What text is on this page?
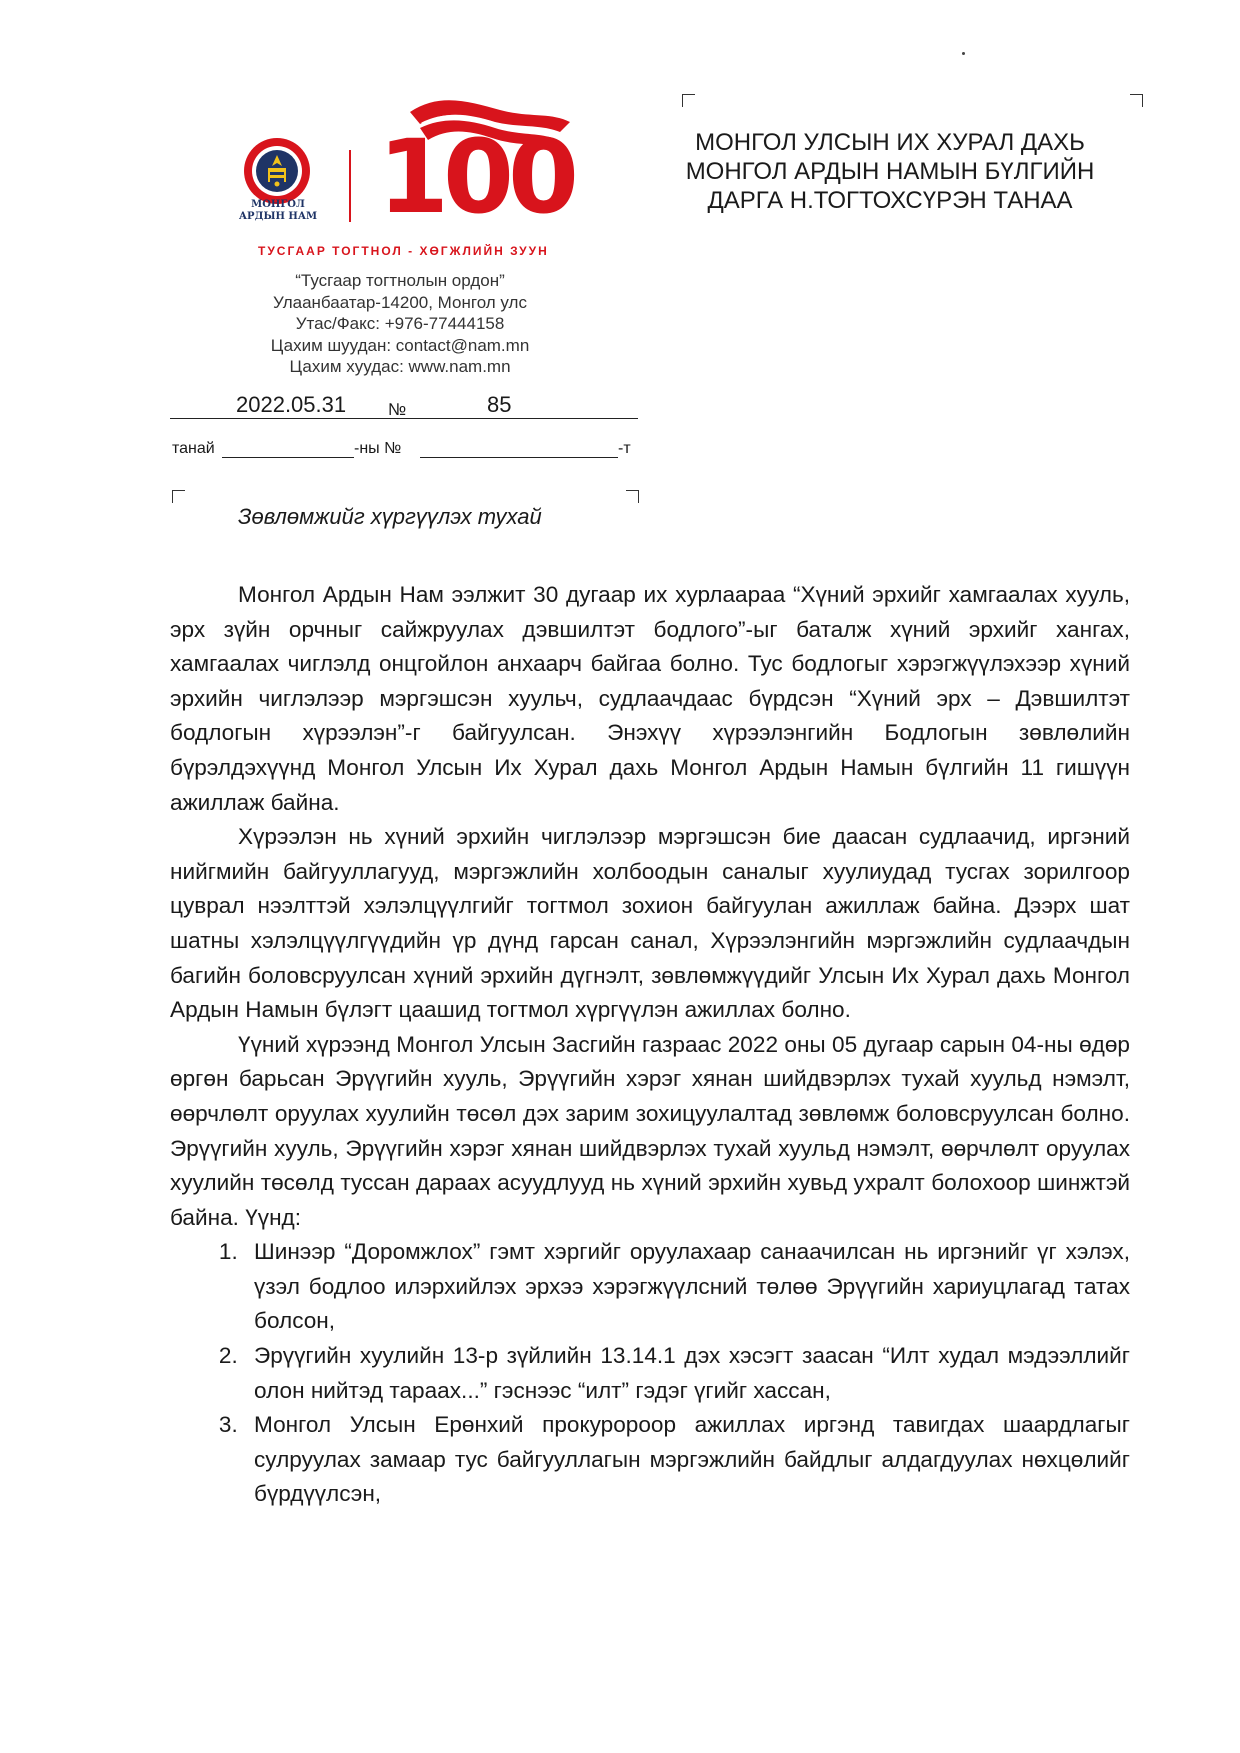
МОНГОЛ
АРДЫН НАМ 100
ТУСГААР ТОГТНОЛ - ХӨГЖЛИЙН ЗУУН
“Тусгаар тогтнолын ордон”
Улаанбаатар-14200, Монгол улс
Утас/Факс: +976-77444158
Цахим шуудан: contact@nam.mn
Цахим хуудас: www.nam.mn
2022.05.31 №	85
танай	-ны №	-т
МОНГОЛ УЛСЫН ИХ ХУРАЛ ДАХЬ
МОНГОЛ АРДЫН НАМЫН БҮЛГИЙН
ДАРГА Н.ТОГТОХСҮРЭН ТАНАА
Зөвлөмжийг хүргүүлэх тухай

Монгол Ардын Нам ээлжит 30 дугаар их хурлаараа “Хүний эрхийг хамгаалах хууль, эрх зүйн орчныг сайжруулах дэвшилтэт бодлого”-ыг баталж хүний эрхийг хангах, хамгаалах чиглэлд онцгойлон анхаарч байгаа болно. Тус бодлогыг хэрэгжүүлэхээр хүний эрхийн чиглэлээр мэргэшсэн хуульч, судлаачдаас бүрдсэн “Хүний эрх – Дэвшилтэт бодлогын хүрээлэн”-г байгуулсан. Энэхүү хүрээлэнгийн Бодлогын зөвлөлийн бүрэлдэхүүнд Монгол Улсын Их Хурал дахь Монгол Ардын Намын бүлгийн 11 гишүүн ажиллаж байна.

Хүрээлэн нь хүний эрхийн чиглэлээр мэргэшсэн бие даасан судлаачид, иргэний нийгмийн байгууллагууд, мэргэжлийн холбоодын саналыг хуулиудад тусгах зорилгоор цуврал нээлттэй хэлэлцүүлгийг тогтмол зохион байгуулан ажиллаж байна. Дээрх шат шатны хэлэлцүүлгүүдийн үр дүнд гарсан санал, Хүрээлэнгийн мэргэжлийн судлаачдын багийн боловсруулсан хүний эрхийн дүгнэлт, зөвлөмжүүдийг Улсын Их Хурал дахь Монгол Ардын Намын бүлэгт цаашид тогтмол хүргүүлэн ажиллах болно.

Үүний хүрээнд Монгол Улсын Засгийн газраас 2022 оны 05 дугаар сарын 04-ны өдөр өргөн барьсан Эрүүгийн хууль, Эрүүгийн хэрэг хянан шийдвэрлэх тухай хуульд нэмэлт, өөрчлөлт оруулах хуулийн төсөл дэх зарим зохицуулалтад зөвлөмж боловсруулсан болно. Эрүүгийн хууль, Эрүүгийн хэрэг хянан шийдвэрлэх тухай хуульд нэмэлт, өөрчлөлт оруулах хуулийн төсөлд туссан дараах асуудлууд нь хүний эрхийн хувьд ухралт болохоор шинжтэй байна. Үүнд:

1. Шинээр “Доромжлох” гэмт хэргийг оруулахаар санаачилсан нь иргэнийг үг хэлэх, үзэл бодлоо илэрхийлэх эрхээ хэрэгжүүлсний төлөө Эрүүгийн хариуцлагад татах болсон,
2. Эрүүгийн хуулийн 13-р зүйлийн 13.14.1 дэх хэсэгт заасан “Илт худал мэдээллийг олон нийтэд тараах...” гэснээс “илт” гэдэг үгийг хассан,
3. Монгол Улсын Ерөнхий прокуророор ажиллах иргэнд тавигдах шаардлагыг сулруулах замаар тус байгууллагын мэргэжлийн байдлыг алдагдуулах нөхцөлийг бүрдүүлсэн,
